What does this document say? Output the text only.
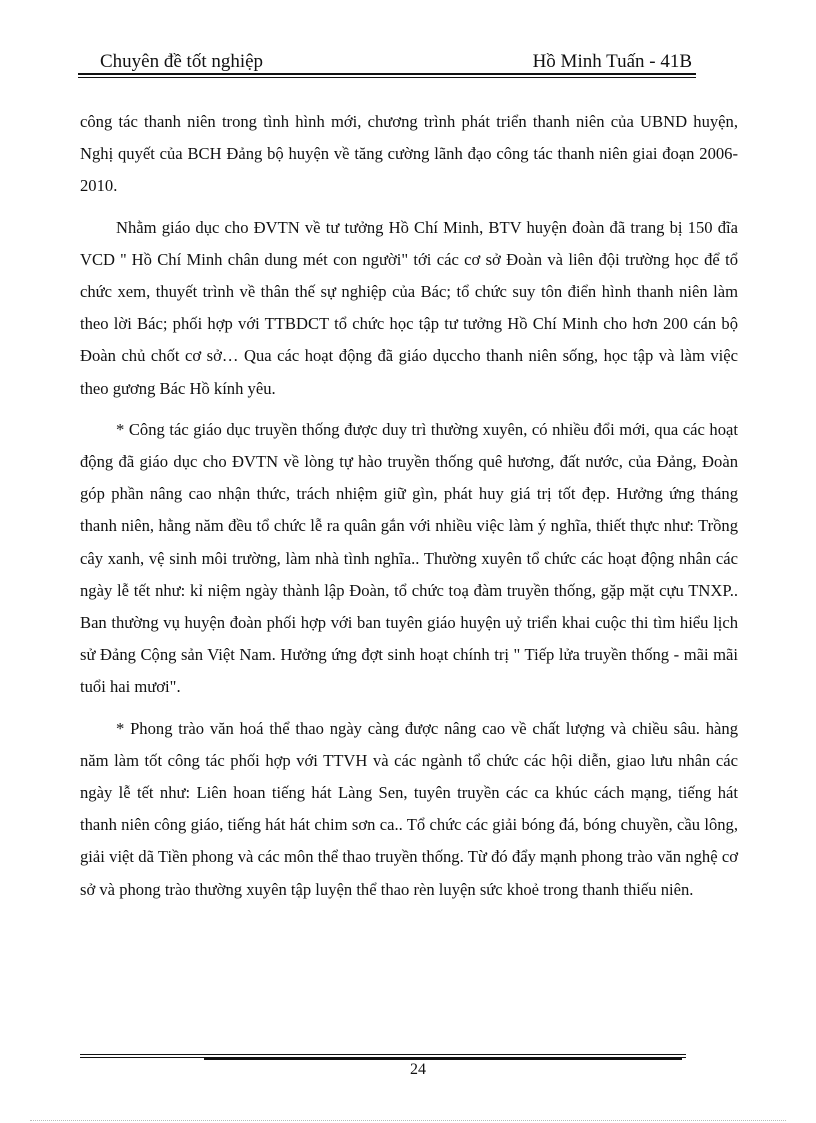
Chuyên đề tốt nghiệp	Hồ Minh Tuấn - 41B

công tác thanh niên trong tình hình mới, chương trình phát triển thanh niên của UBND huyện, Nghị quyết của BCH Đảng bộ huyện về tăng cường lãnh đạo công tác thanh niên giai đoạn 2006-2010.

Nhằm giáo dục cho ĐVTN về tư tưởng Hồ Chí Minh, BTV huyện đoàn đã trang bị 150 đĩa VCD '' Hồ Chí Minh chân dung mét con người" tới các cơ sở Đoàn và liên đội trường học để tổ chức xem, thuyết trình về thân thế sự nghiệp của Bác; tổ chức suy tôn điển hình thanh niên làm theo lời Bác; phối hợp với TTBDCT tổ chức học tập tư tưởng Hồ Chí Minh cho hơn 200 cán bộ Đoàn chủ chốt cơ sở… Qua các hoạt động đã giáo dụccho thanh niên sống, học tập và làm việc theo gương Bác Hồ kính yêu.

* Công tác giáo dục truyền thống được duy trì thường xuyên, có nhiều đổi mới, qua các hoạt động đã giáo dục cho ĐVTN về lòng tự hào truyền thống quê hương, đất nước, của Đảng, Đoàn góp phần nâng cao nhận thức, trách nhiệm giữ gìn, phát huy giá trị tốt đẹp. Hưởng ứng tháng thanh niên, hằng năm đều tổ chức lễ ra quân gắn với nhiều việc làm ý nghĩa, thiết thực như: Trồng cây xanh, vệ sinh môi trường, làm nhà tình nghĩa.. Thường xuyên tổ chức các hoạt động nhân các ngày lễ tết như: kỉ niệm ngày thành lập Đoàn, tổ chức toạ đàm truyền thống, gặp mặt cựu TNXP.. Ban thường vụ huyện đoàn phối hợp với ban tuyên giáo huyện uỷ triển khai cuộc thi tìm hiểu lịch sử Đảng Cộng sản Việt Nam. Hưởng ứng đợt sinh hoạt chính trị " Tiếp lửa truyền thống - mãi mãi tuổi hai mươi".

* Phong trào văn hoá thể thao ngày càng được nâng cao về chất lượng và chiều sâu. hàng năm làm tốt công tác phối hợp với TTVH và các ngành tổ chức các hội diễn, giao lưu nhân các ngày lễ tết như: Liên hoan tiếng hát Làng Sen, tuyên truyền các ca khúc cách mạng, tiếng hát thanh niên công giáo, tiếng hát hát chim sơn ca.. Tổ chức các giải bóng đá, bóng chuyền, cầu lông, giải việt dã Tiền phong và các môn thể thao truyền thống. Từ đó đẩy mạnh phong trào văn nghệ cơ sở và phong trào thường xuyên tập luyện thể thao rèn luyện sức khoẻ trong thanh thiếu niên.

24
